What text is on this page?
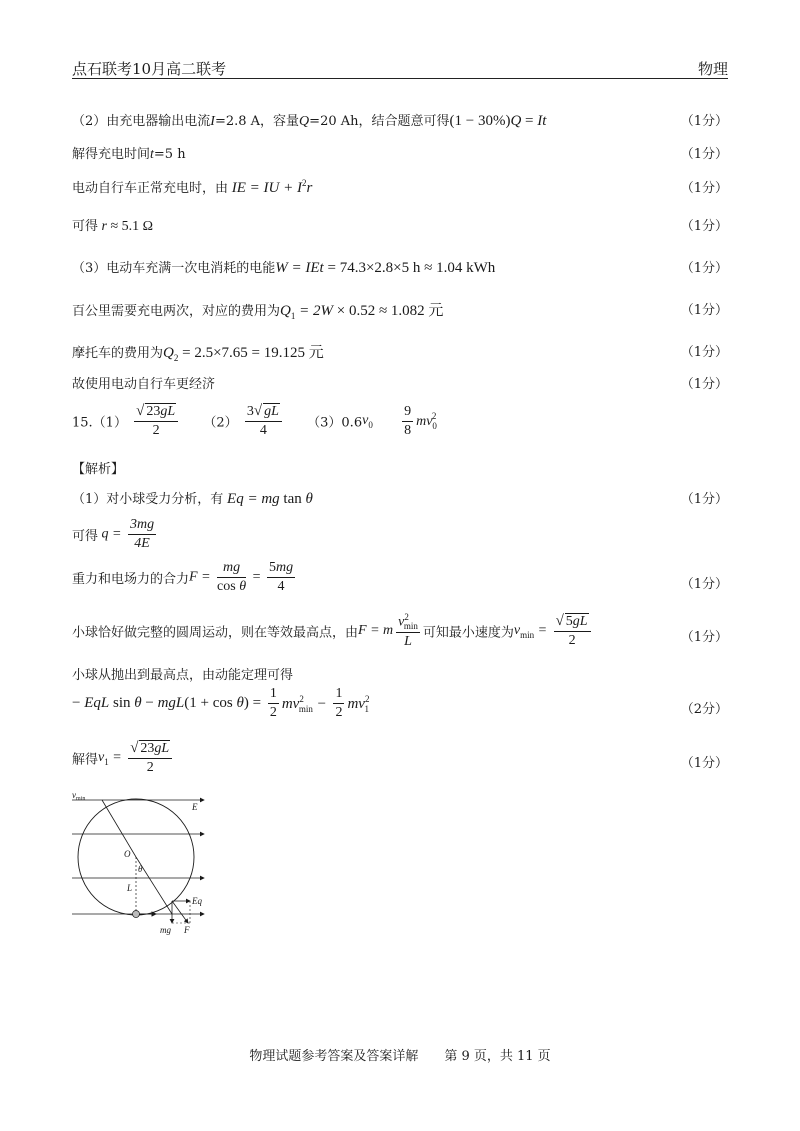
点石联考10月高二联考	物理
（2）由充电器输出电流I=2.8 A，容量Q=20 Ah，结合题意可得(1 − 30%)Q = It	（1分）
解得充电时间t=5 h	（1分）
电动自行车正常充电时，由 IE = IU + $I^2r$	（1分）
可得 r ≈ 5.1 Ω	（1分）
（3）电动车充满一次电消耗的电能W = IEt = 74.3×2.8×5 h ≈ 1.04 kWh	（1分）
百公里需要充电两次，对应的费用为$Q_1 = 2W \times 0.52 \approx 1.082$ 元	（1分）
摩托车的费用为$Q_2 = 2.5\times 7.65 = 19.125$ 元	（1分）
故使用电动自行车更经济	（1分）
$15.(1) \frac{√ 23gL}{2} (2) \frac{3√ gL}{4} (3)0.6v_0 \frac{9}{8} mv_0^2$
【解析】
（1）对小球受力分析，有 Eq = mg tan θ	（1分）
可得 $q = \frac{3mg}{4E}$
重力和电场力的合力$F = \frac{mg}{\text{cos θ}} = \frac{5mg}{4}$	（1分）
小球恰好做完整的圆周运动，则在等效最高点，由F = m $\frac{v^2_{min}}{L}$ 可知最小速度为$v_{min} = \frac{√ 5gL}{2}$	（1分）
小球从抛出到最高点，由动能定理可得
− EqL $\sin \theta - mgL(1 + \cos \theta) = \frac{1}{2} mv^2_{min} - \frac{1}{2} mv^2_1$	（2分）
解得$v_1 = \frac{√ 23gL}{2}$	（1分）
$v_{min}$
E
O
θ
L
Eq
mg F
物理试题参考答案及答案详解　　第 9 页，共 11 页
